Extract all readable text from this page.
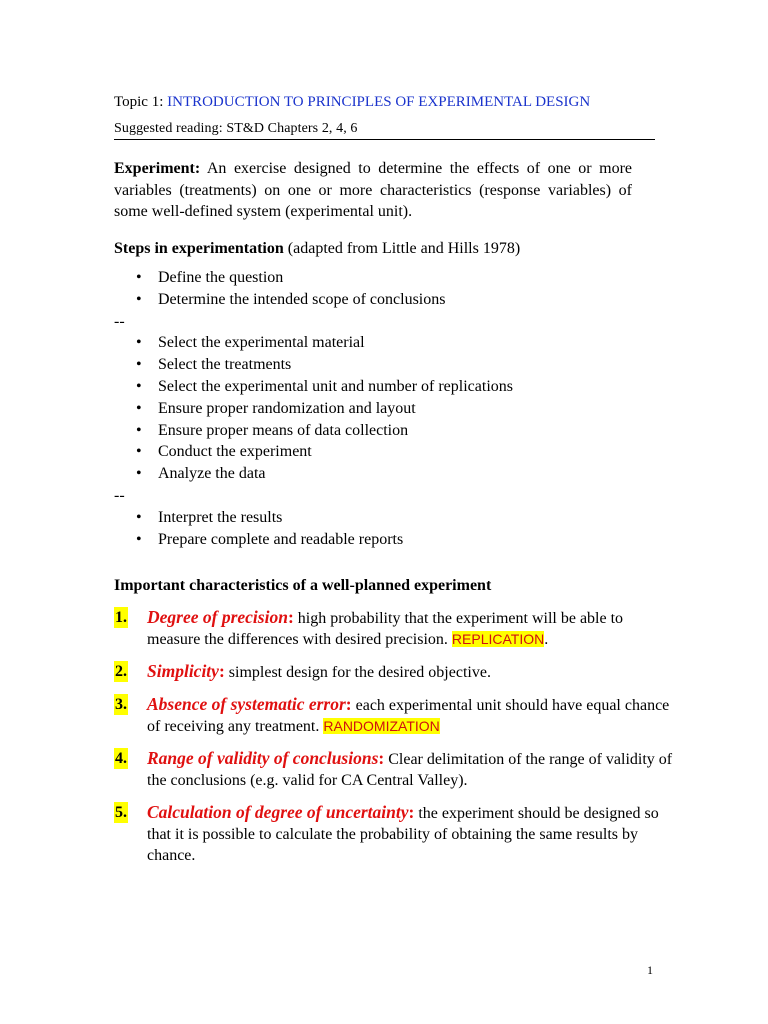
Topic 1: INTRODUCTION TO PRINCIPLES OF EXPERIMENTAL DESIGN
Suggested reading: ST&D Chapters 2, 4, 6
Experiment: An exercise designed to determine the effects of one or more variables (treatments) on one or more characteristics (response variables) of some well-defined system (experimental unit).
Steps in experimentation (adapted from Little and Hills 1978)
• Define the question
• Determine the intended scope of conclusions
--
• Select the experimental material
• Select the treatments
• Select the experimental unit and number of replications
• Ensure proper randomization and layout
• Ensure proper means of data collection
• Conduct the experiment
• Analyze the data
--
• Interpret the results
• Prepare complete and readable reports
Important characteristics of a well-planned experiment
1. Degree of precision: high probability that the experiment will be able to measure the differences with desired precision. REPLICATION.
2. Simplicity: simplest design for the desired objective.
3. Absence of systematic error: each experimental unit should have equal chance of receiving any treatment. RANDOMIZATION
4. Range of validity of conclusions: Clear delimitation of the range of validity of the conclusions (e.g. valid for CA Central Valley).
5. Calculation of degree of uncertainty: the experiment should be designed so that it is possible to calculate the probability of obtaining the same results by chance.
1
